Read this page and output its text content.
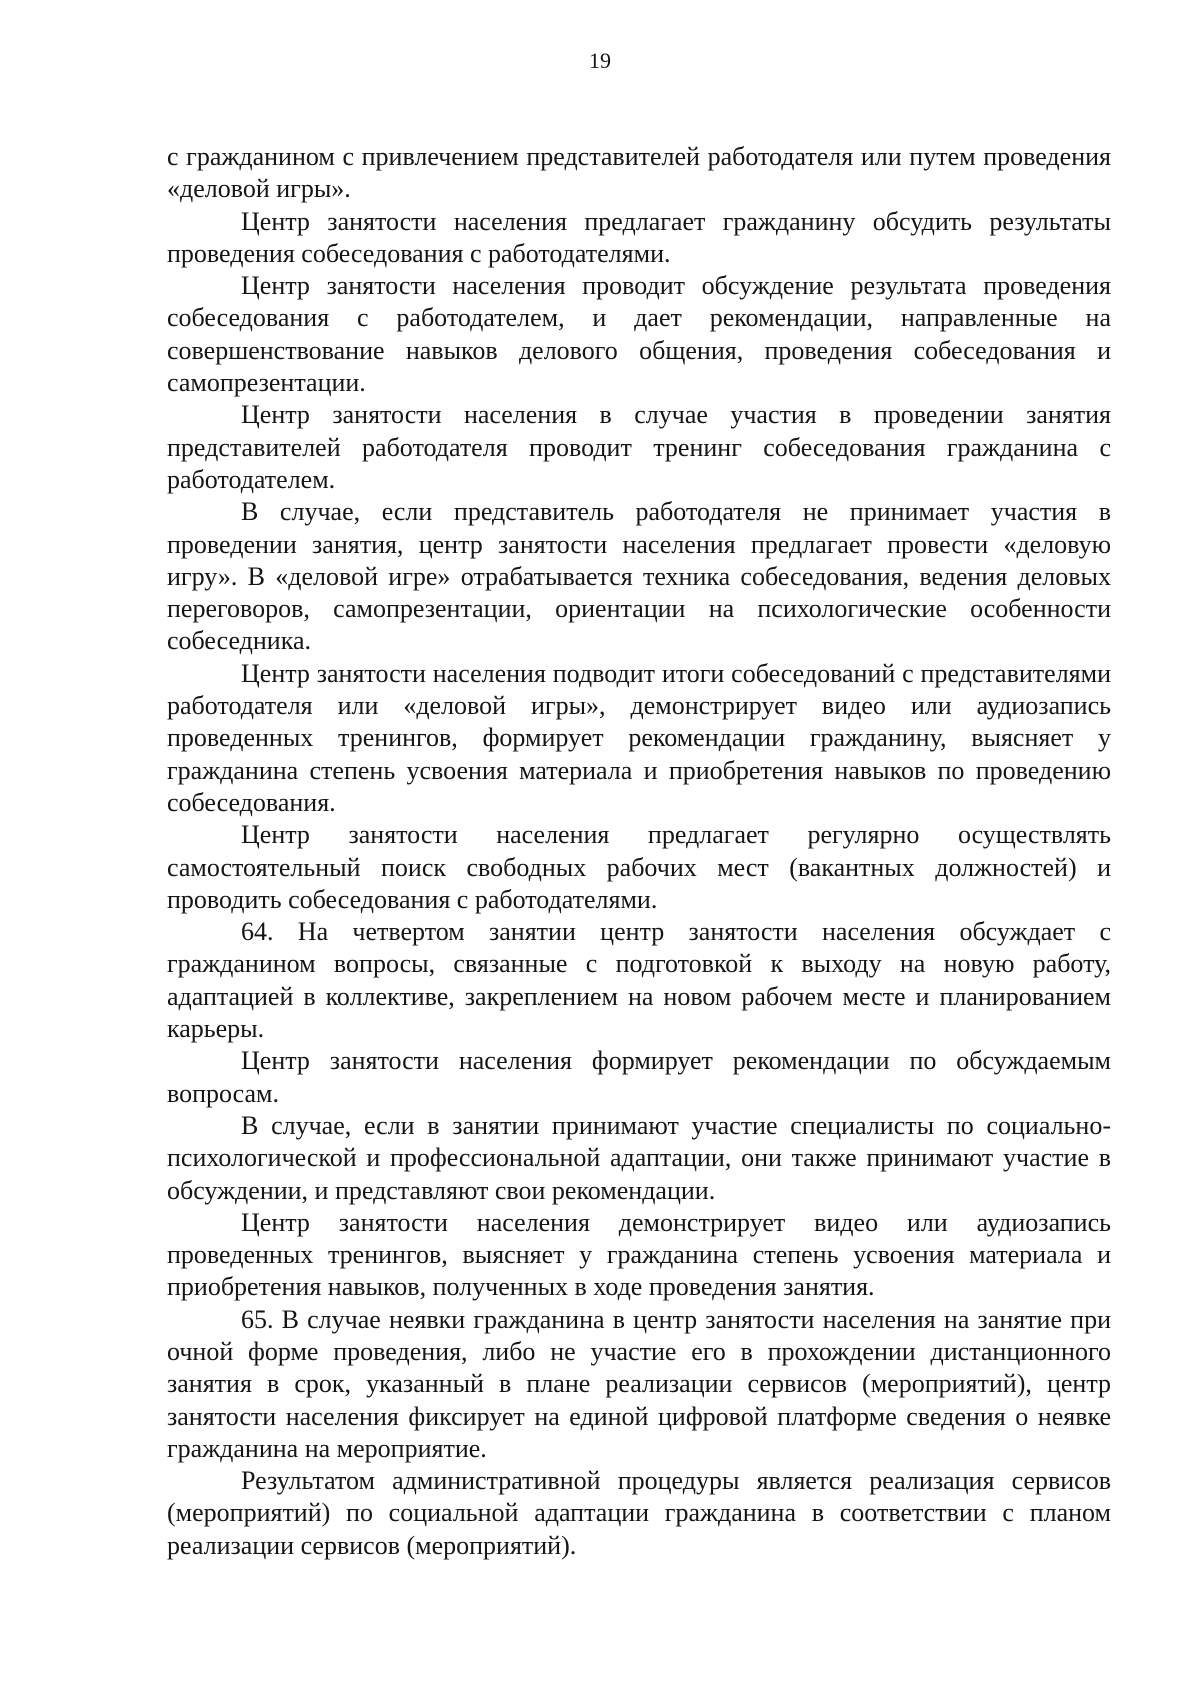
19

с гражданином с привлечением представителей работодателя или путем проведения «деловой игры».

Центр занятости населения предлагает гражданину обсудить результаты проведения собеседования с работодателями.

Центр занятости населения проводит обсуждение результата проведения собеседования с работодателем, и дает рекомендации, направленные на совершенствование навыков делового общения, проведения собеседования и самопрезентации.

Центр занятости населения в случае участия в проведении занятия представителей работодателя проводит тренинг собеседования гражданина с работодателем.

В случае, если представитель работодателя не принимает участия в проведении занятия, центр занятости населения предлагает провести «деловую игру». В «деловой игре» отрабатывается техника собеседования, ведения деловых переговоров, самопрезентации, ориентации на психологические особенности собеседника.

Центр занятости населения подводит итоги собеседований с представителями работодателя или «деловой игры», демонстрирует видео или аудиозапись проведенных тренингов, формирует рекомендации гражданину, выясняет у гражданина степень усвоения материала и приобретения навыков по проведению собеседования.

Центр занятости населения предлагает регулярно осуществлять самостоятельный поиск свободных рабочих мест (вакантных должностей) и проводить собеседования с работодателями.

64. На четвертом занятии центр занятости населения обсуждает с гражданином вопросы, связанные с подготовкой к выходу на новую работу, адаптацией в коллективе, закреплением на новом рабочем месте и планированием карьеры.

Центр занятости населения формирует рекомендации по обсуждаемым вопросам.

В случае, если в занятии принимают участие специалисты по социально-психологической и профессиональной адаптации, они также принимают участие в обсуждении, и представляют свои рекомендации.

Центр занятости населения демонстрирует видео или аудиозапись проведенных тренингов, выясняет у гражданина степень усвоения материала и приобретения навыков, полученных в ходе проведения занятия.

65. В случае неявки гражданина в центр занятости населения на занятие при очной форме проведения, либо не участие его в прохождении дистанционного занятия в срок, указанный в плане реализации сервисов (мероприятий), центр занятости населения фиксирует на единой цифровой платформе сведения о неявке гражданина на мероприятие.

Результатом административной процедуры является реализация сервисов (мероприятий) по социальной адаптации гражданина в соответствии с планом реализации сервисов (мероприятий).
